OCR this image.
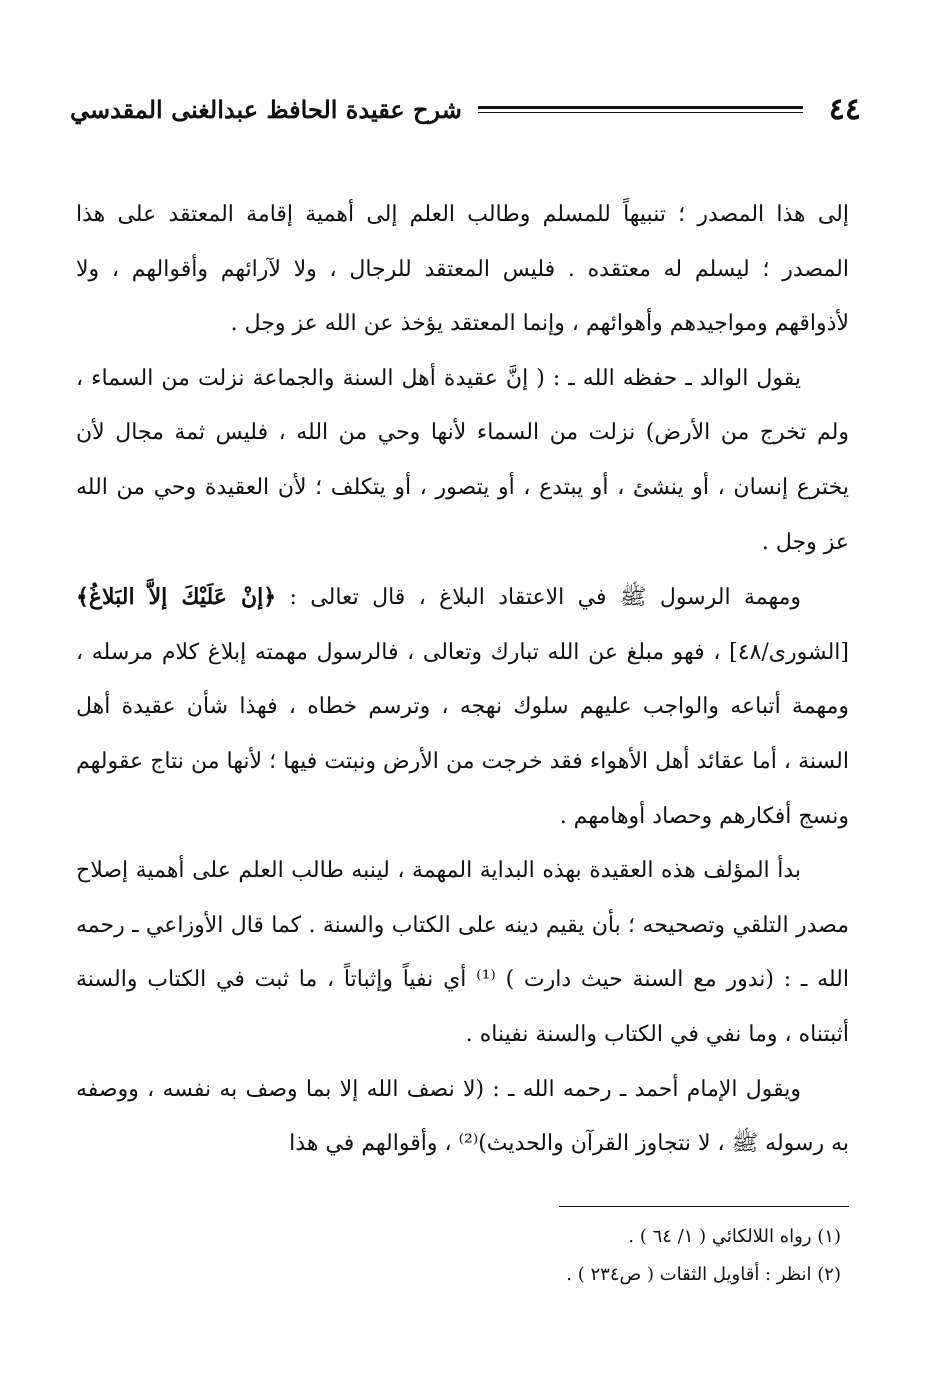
٤٤
شرح عقيدة الحافظ عبدالغنى المقدسي

إلى هذا المصدر ؛ تنبيهاً للمسلم وطالب العلم إلى أهمية إقامة المعتقد على هذا المصدر ؛ ليسلم له معتقده . فليس المعتقد للرجال ، ولا لآرائهم وأقوالهم ، ولا لأذواقهم ومواجيدهم وأهوائهم ، وإنما المعتقد يؤخذ عن الله عز وجل .

يقول الوالد ـ حفظه الله ـ : ( إنَّ عقيدة أهل السنة والجماعة نزلت من السماء ، ولم تخرج من الأرض) نزلت من السماء لأنها وحي من الله ، فليس ثمة مجال لأن يخترع إنسان ، أو ينشئ ، أو يبتدع ، أو يتصور ، أو يتكلف ؛ لأن العقيدة وحي من الله عز وجل .

ومهمة الرسول ﷺ في الاعتقاد البلاغ ، قال تعالى : ﴿إنْ عَلَيْكَ إلاَّ البَلاغُ﴾ [الشورى/٤٨] ، فهو مبلغ عن الله تبارك وتعالى ، فالرسول مهمته إبلاغ كلام مرسله ، ومهمة أتباعه والواجب عليهم سلوك نهجه ، وترسم خطاه ، فهذا شأن عقيدة أهل السنة ، أما عقائد أهل الأهواء فقد خرجت من الأرض ونبتت فيها ؛ لأنها من نتاج عقولهم ونسج أفكارهم وحصاد أوهامهم .

بدأ المؤلف هذه العقيدة بهذه البداية المهمة ، لينبه طالب العلم على أهمية إصلاح مصدر التلقي وتصحيحه ؛ بأن يقيم دينه على الكتاب والسنة . كما قال الأوزاعي ـ رحمه الله ـ : (ندور مع السنة حيث دارت ) ⁽¹⁾ أي نفياً وإثباتاً ، ما ثبت في الكتاب والسنة أثبتناه ، وما نفي في الكتاب والسنة نفيناه .

ويقول الإمام أحمد ـ رحمه الله ـ : (لا نصف الله إلا بما وصف به نفسه ، ووصفه به رسوله ﷺ ، لا نتجاوز القرآن والحديث)⁽²⁾ ، وأقوالهم في هذا

(١) رواه اللالكائي ( ١/ ٦٤ ) .
(٢) انظر : أقاويل الثقات ( ص٢٣٤ ) .
